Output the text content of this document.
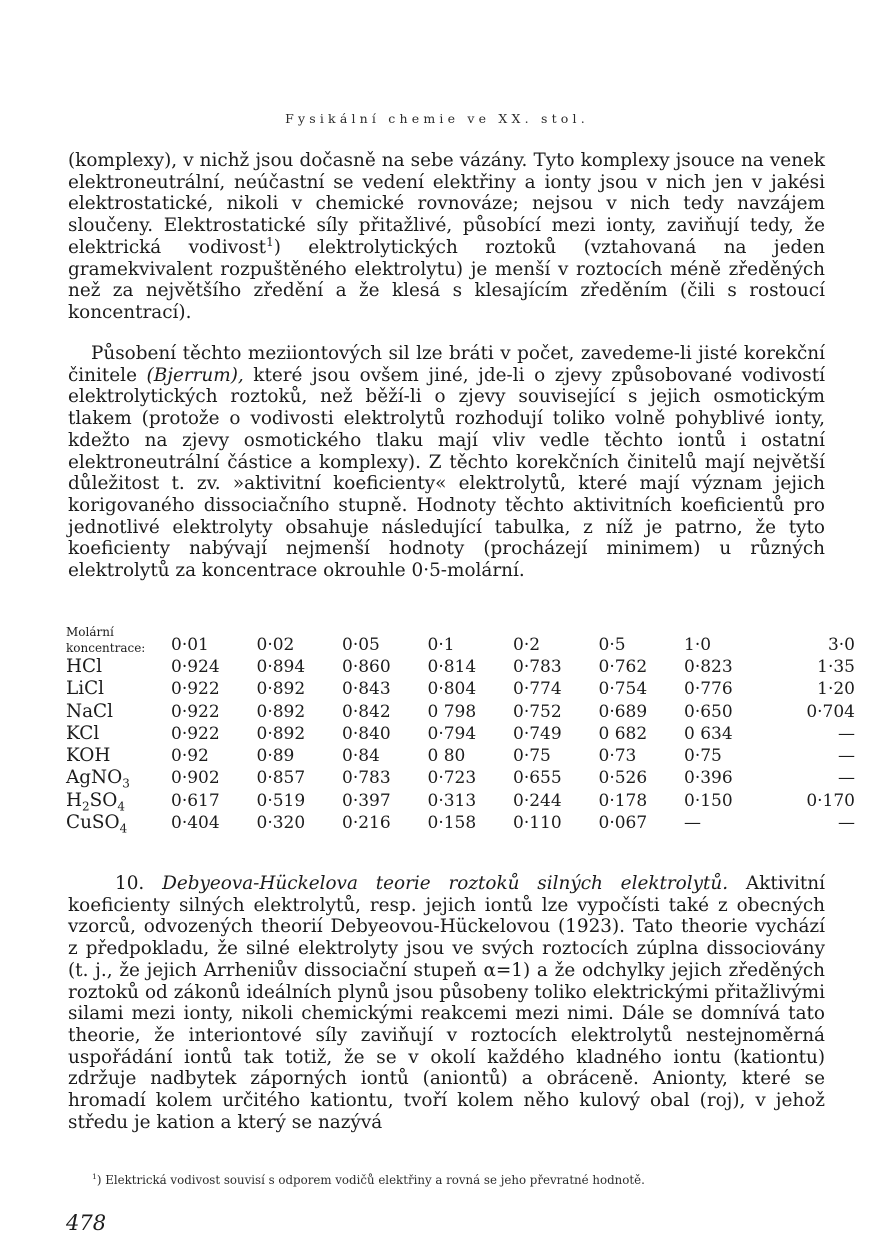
Fysikální chemie ve XX. stol.

(komplexy), v nichž jsou dočasně na sebe vázány. Tyto komplexy jsouce na venek elektroneutrální, neúčastní se vedení elektřiny a ionty jsou v nich jen v jakési elektrostatické, nikoli v chemické rovnováze; nejsou v nich tedy navzájem sloučeny. Elektrostatické síly přitažlivé, působící mezi ionty, zaviňují tedy, že elektrická vodivost$^1$) elektrolytických roztoků (vztahovaná na jeden gramekvivalent rozpuštěného elektrolytu) je menší v roztocích méně zředěných než za největšího zředění a že klesá s klesajícím zředěním (čili s rostoucí koncentrací).

Působení těchto meziiontových sil lze bráti v počet, zavedeme-li jisté korekční činitele (Bjerrum), které jsou ovšem jiné, jde-li o zjevy způsobované vodivostí elektrolytických roztoků, než běží-li o zjevy související s jejich osmotickým tlakem (protože o vodivosti elektrolytů rozhodují toliko volně pohyblivé ionty, kdežto na zjevy osmotického tlaku mají vliv vedle těchto iontů i ostatní elektroneutrální částice a komplexy). Z těchto korekčních činitelů mají největší důležitost t. zv. »aktivitní koeficienty« elektrolytů, které mají význam jejich korigovaného dissociačního stupně. Hodnoty těchto aktivitních koeficientů pro jednotlivé elektrolyty obsahuje následující tabulka, z níž je patrno, že tyto koeficienty nabývají nejmenší hodnoty (procházejí minimem) u různých elektrolytů za koncentrace okrouhle 0·5-molární.

Molární
koncentrace:	0·01	0·02	0·05	0·1	0·2	0·5	1·0	3·0
HCl	0·924	0·894	0·860	0·814	0·783	0·762	0·823	1·35
LiCl	0·922	0·892	0·843	0·804	0·774	0·754	0·776	1·20
NaCl	0·922	0·892	0·842	0 798	0·752	0·689	0·650	0·704
KCl	0·922	0·892	0·840	0·794	0·749	0 682	0 634	—
KOH	0·92	0·89	0·84	0 80	0·75	0·73	0·75	—
AgNO$_3$	0·902	0·857	0·783	0·723	0·655	0·526	0·396	—
$H_2SO_4$	0·617	0·519	0·397	0·313	0·244	0·178	0·150	0·170
CuSO$_4$	0·404	0·320	0·216	0·158	0·110	0·067	—	—

10. Debyeova-Hückelova teorie roztoků silných elektrolytů. Aktivitní koeficienty silných elektrolytů, resp. jejich iontů lze vypočísti také z obecných vzorců, odvozených theorií Debyeovou-Hückelovou (1923). Tato theorie vychází z předpokladu, že silné elektrolyty jsou ve svých roztocích zúplna dissociovány (t. j., že jejich Arrheniův dissociační stupeň α=1) a že odchylky jejich zředěných roztoků od zákonů ideálních plynů jsou působeny toliko elektrickými přitažlivými silami mezi ionty, nikoli chemickými reakcemi mezi nimi. Dále se domnívá tato theorie, že interiontové síly zaviňují v roztocích elektrolytů nestejnoměrná uspořádání iontů tak totiž, že se v okolí každého kladného iontu (kationtu) zdržuje nadbytek záporných iontů (aniontů) a obráceně. Anionty, které se hromadí kolem určitého kationtu, tvoří kolem něho kulový obal (roj), v jehož středu je kation a který se nazývá

$^1$) Elektrická vodivost souvisí s odporem vodičů elektřiny a rovná se jeho převratné hodnotě.

478
